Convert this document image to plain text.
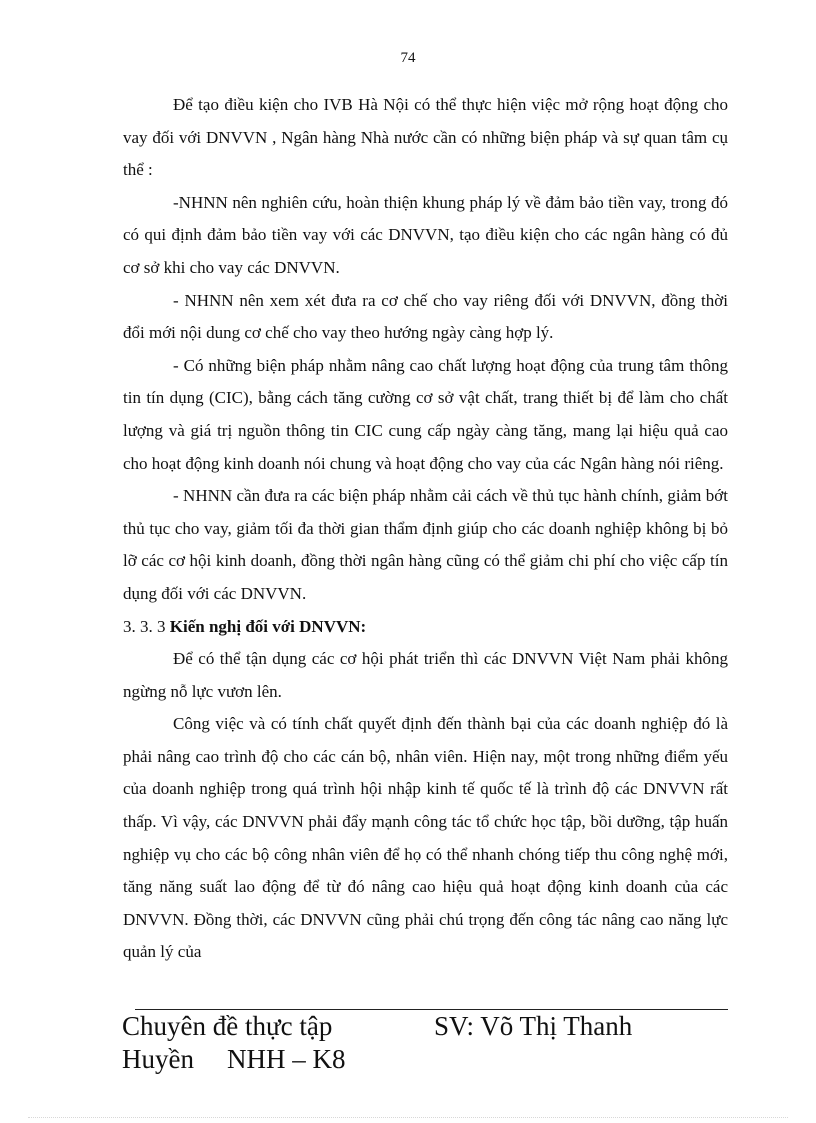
74

Để tạo điều kiện cho IVB Hà Nội có thể thực hiện việc mở rộng hoạt động cho vay đối với DNVVN , Ngân hàng Nhà nước cần có những biện pháp và sự quan tâm cụ thể :

-NHNN nên nghiên cứu, hoàn thiện khung pháp lý về đảm bảo tiền vay, trong đó có qui định đảm bảo tiền vay với các DNVVN, tạo điều kiện cho các ngân hàng có đủ cơ sở khi cho vay các DNVVN.

- NHNN nên xem xét đưa ra cơ chế cho vay riêng đối với DNVVN, đồng thời đổi mới nội dung cơ chế cho vay theo hướng ngày càng hợp lý.

- Có những biện pháp nhằm nâng cao chất lượng hoạt động của trung tâm thông tin tín dụng (CIC), bằng cách tăng cường cơ sở vật chất, trang thiết bị để làm cho chất lượng và giá trị nguồn thông tin CIC cung cấp ngày càng tăng, mang lại hiệu quả cao cho hoạt động kinh doanh nói chung và hoạt động cho vay của các Ngân hàng nói riêng.

- NHNN cần đưa ra các biện pháp nhằm cải cách về thủ tục hành chính, giảm bớt thủ tục cho vay, giảm tối đa thời gian thẩm định giúp cho các doanh nghiệp không bị bỏ lỡ các cơ hội kinh doanh, đồng thời ngân hàng cũng có thể giảm chi phí cho việc cấp tín dụng đối với các DNVVN.

3. 3. 3 Kiến nghị đối với DNVVN:

Để có thể tận dụng các cơ hội phát triển thì các DNVVN Việt Nam phải không ngừng nỗ lực vươn lên.

Công việc và có tính chất quyết định đến thành bại của các doanh nghiệp đó là phải nâng cao trình độ cho các cán bộ, nhân viên. Hiện nay, một trong những điểm yếu của doanh nghiệp trong quá trình hội nhập kinh tế quốc tế là trình độ các DNVVN rất thấp. Vì vậy, các DNVVN phải đẩy mạnh công tác tổ chức học tập, bồi dưỡng, tập huấn nghiệp vụ cho các bộ công nhân viên để họ có thể nhanh chóng tiếp thu công nghệ mới, tăng năng suất lao động để từ đó nâng cao hiệu quả hoạt động kinh doanh của các DNVVN. Đồng thời, các DNVVN cũng phải chú trọng đến công tác nâng cao năng lực quản lý của

Chuyên đề thực tập	SV: Võ Thị Thanh
Huyền NHH – K8
